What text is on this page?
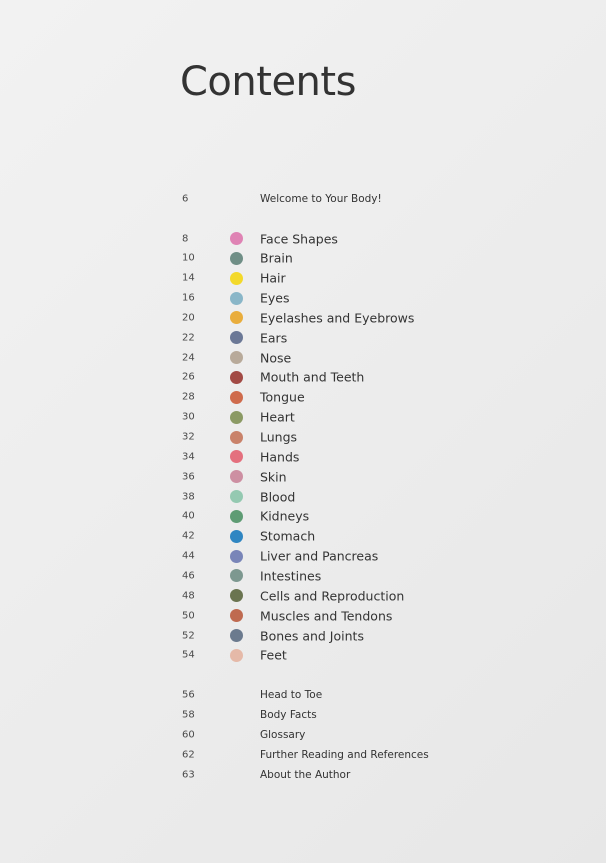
Contents
6	Welcome to Your Body!
8	Face Shapes
10	Brain
14	Hair
16	Eyes
20	Eyelashes and Eyebrows
22	Ears
24	Nose
26	Mouth and Teeth
28	Tongue
30	Heart
32	Lungs
34	Hands
36	Skin
38	Blood
40	Kidneys
42	Stomach
44	Liver and Pancreas
46	Intestines
48	Cells and Reproduction
50	Muscles and Tendons
52	Bones and Joints
54	Feet
56	Head to Toe
58	Body Facts
60	Glossary
62	Further Reading and References
63	About the Author
